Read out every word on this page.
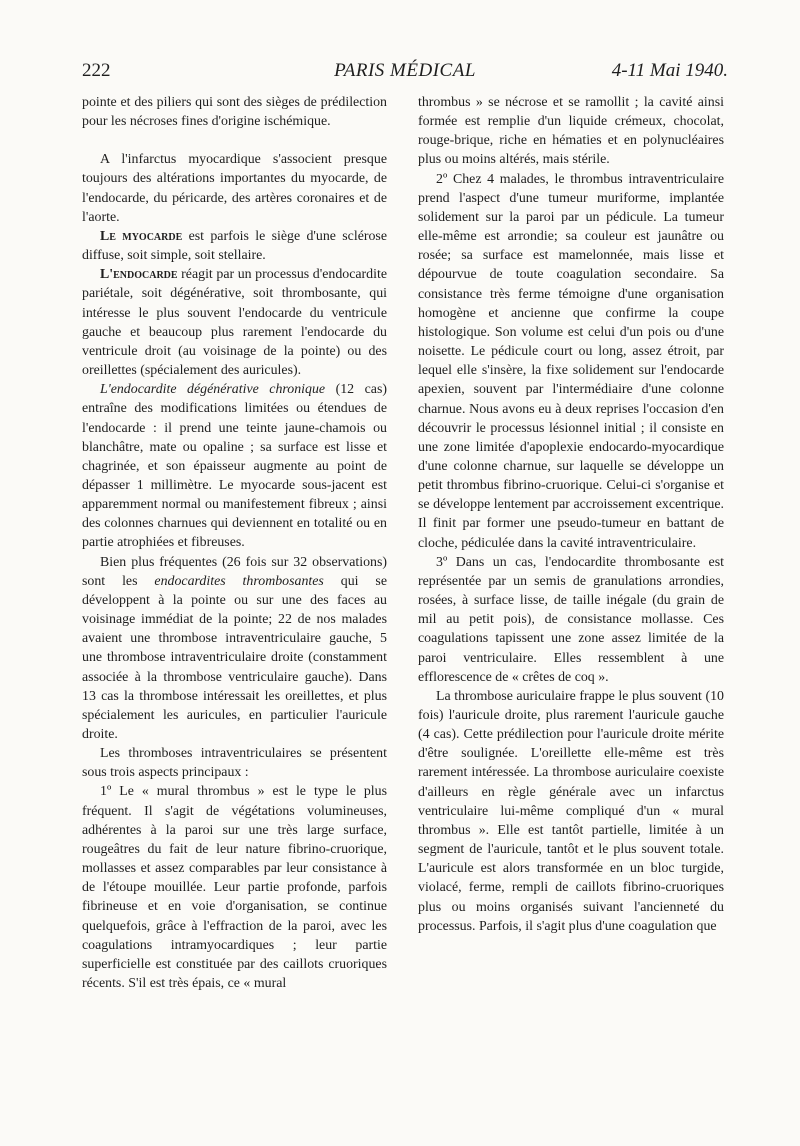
222	PARIS MÉDICAL	4-11 Mai 1940.

pointe et des piliers qui sont des sièges de prédilection pour les nécroses fines d'origine ischémique.

A l'infarctus myocardique s'associent presque toujours des altérations importantes du myocarde, de l'endocarde, du péricarde, des artères coronaires et de l'aorte.

Le myocarde est parfois le siège d'une sclérose diffuse, soit simple, soit stellaire.

L'endocarde réagit par un processus d'endocardite pariétale, soit dégénérative, soit thrombosante, qui intéresse le plus souvent l'endocarde du ventricule gauche et beaucoup plus rarement l'endocarde du ventricule droit (au voisinage de la pointe) ou des oreillettes (spécialement des auricules).

L'endocardite dégénérative chronique (12 cas) entraîne des modifications limitées ou étendues de l'endocarde : il prend une teinte jaune-chamois ou blanchâtre, mate ou opaline ; sa surface est lisse et chagrinée, et son épaisseur augmente au point de dépasser 1 millimètre. Le myocarde sous-jacent est apparemment normal ou manifestement fibreux ; ainsi des colonnes charnues qui deviennent en totalité ou en partie atrophiées et fibreuses.

Bien plus fréquentes (26 fois sur 32 observations) sont les endocardites thrombosantes qui se développent à la pointe ou sur une des faces au voisinage immédiat de la pointe; 22 de nos malades avaient une thrombose intraventriculaire gauche, 5 une thrombose intraventriculaire droite (constamment associée à la thrombose ventriculaire gauche). Dans 13 cas la thrombose intéressait les oreillettes, et plus spécialement les auricules, en particulier l'auricule droite.

Les thromboses intraventriculaires se présentent sous trois aspects principaux :

1º Le « mural thrombus » est le type le plus fréquent. Il s'agit de végétations volumineuses, adhérentes à la paroi sur une très large surface, rougeâtres du fait de leur nature fibrino-cruorique, mollasses et assez comparables par leur consistance à de l'étoupe mouillée. Leur partie profonde, parfois fibrineuse et en voie d'organisation, se continue quelquefois, grâce à l'effraction de la paroi, avec les coagulations intramyocardiques ; leur partie superficielle est constituée par des caillots cruoriques récents. S'il est très épais, ce « mural

thrombus » se nécrose et se ramollit ; la cavité ainsi formée est remplie d'un liquide crémeux, chocolat, rouge-brique, riche en hématies et en polynucléaires plus ou moins altérés, mais stérile.

2º Chez 4 malades, le thrombus intraventriculaire prend l'aspect d'une tumeur muriforme, implantée solidement sur la paroi par un pédicule. La tumeur elle-même est arrondie; sa couleur est jaunâtre ou rosée; sa surface est mamelonnée, mais lisse et dépourvue de toute coagulation secondaire. Sa consistance très ferme témoigne d'une organisation homogène et ancienne que confirme la coupe histologique. Son volume est celui d'un pois ou d'une noisette. Le pédicule court ou long, assez étroit, par lequel elle s'insère, la fixe solidement sur l'endocarde apexien, souvent par l'intermédiaire d'une colonne charnue. Nous avons eu à deux reprises l'occasion d'en découvrir le processus lésionnel initial ; il consiste en une zone limitée d'apoplexie endocardo-myocardique d'une colonne charnue, sur laquelle se développe un petit thrombus fibrino-cruorique. Celui-ci s'organise et se développe lentement par accroissement excentrique. Il finit par former une pseudo-tumeur en battant de cloche, pédiculée dans la cavité intraventriculaire.

3º Dans un cas, l'endocardite thrombosante est représentée par un semis de granulations arrondies, rosées, à surface lisse, de taille inégale (du grain de mil au petit pois), de consistance mollasse. Ces coagulations tapissent une zone assez limitée de la paroi ventriculaire. Elles ressemblent à une efflorescence de « crêtes de coq ».

La thrombose auriculaire frappe le plus souvent (10 fois) l'auricule droite, plus rarement l'auricule gauche (4 cas). Cette prédilection pour l'auricule droite mérite d'être soulignée. L'oreillette elle-même est très rarement intéressée. La thrombose auriculaire coexiste d'ailleurs en règle générale avec un infarctus ventriculaire lui-même compliqué d'un « mural thrombus ». Elle est tantôt partielle, limitée à un segment de l'auricule, tantôt et le plus souvent totale. L'auricule est alors transformée en un bloc turgide, violacé, ferme, rempli de caillots fibrino-cruoriques plus ou moins organisés suivant l'ancienneté du processus. Parfois, il s'agit plus d'une coagulation que
